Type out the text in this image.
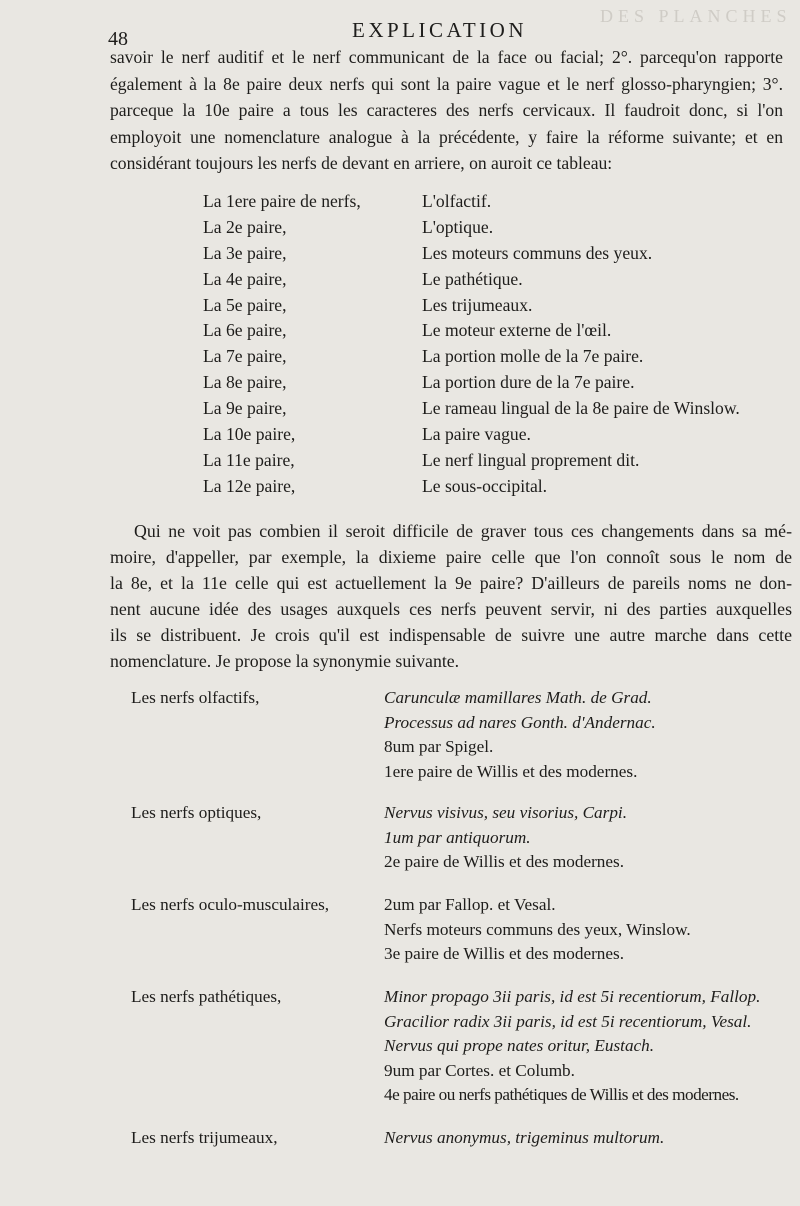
DES PLANCHES
48	EXPLICATION
savoir le nerf auditif et le nerf communicant de la face ou facial; 2°. parcequ'on rapporte
également à la 8e paire deux nerfs qui sont la paire vague et le nerf glosso-pharyngien; 3°.
parceque la 10e paire a tous les caracteres des nerfs cervicaux. Il faudroit donc, si l'on
employoit une nomenclature analogue à la précédente, y faire la réforme suivante; et en
considérant toujours les nerfs de devant en arriere, on auroit ce tableau:
La 1ere paire de nerfs,	L'olfactif.
La 2e paire,	L'optique.
La 3e paire,	Les moteurs communs des yeux.
La 4e paire,	Le pathétique.
La 5e paire,	Les trijumeaux.
La 6e paire,	Le moteur externe de l'œil.
La 7e paire,	La portion molle de la 7e paire.
La 8e paire,	La portion dure de la 7e paire.
La 9e paire,	Le rameau lingual de la 8e paire de Winslow.
La 10e paire,	La paire vague.
La 11e paire,	Le nerf lingual proprement dit.
La 12e paire,	Le sous-occipital.
Qui ne voit pas combien il seroit difficile de graver tous ces changements dans sa mé-
moire, d'appeller, par exemple, la dixieme paire celle que l'on connoît sous le nom de
la 8e, et la 11e celle qui est actuellement la 9e paire? D'ailleurs de pareils noms ne don-
nent aucune idée des usages auxquels ces nerfs peuvent servir, ni des parties auxquelles
ils se distribuent. Je crois qu'il est indispensable de suivre une autre marche dans cette
nomenclature. Je propose la synonymie suivante.
Les nerfs olfactifs,	Carunculæ mamillares Math. de Grad.
Processus ad nares Gonth. d'Andernac.
8um par Spigel.
1ere paire de Willis et des modernes.
Les nerfs optiques,	Nervus visivus, seu visorius, Carpi.
1um par antiquorum.
2e paire de Willis et des modernes.
Les nerfs oculo-musculaires,	2um par Fallop. et Vesal.
Nerfs moteurs communs des yeux, Winslow.
3e paire de Willis et des modernes.
Les nerfs pathétiques,	Minor propago 3ii paris, id est 5i recentiorum, Fallop.
Gracilior radix 3ii paris, id est 5i recentiorum, Vesal.
Nervus qui prope nates oritur, Eustach.
9um par Cortes. et Columb.
4e paire ou nerfs pathétiques de Willis et des modernes.
Les nerfs trijumeaux,	Nervus anonymus, trigeminus multorum.
